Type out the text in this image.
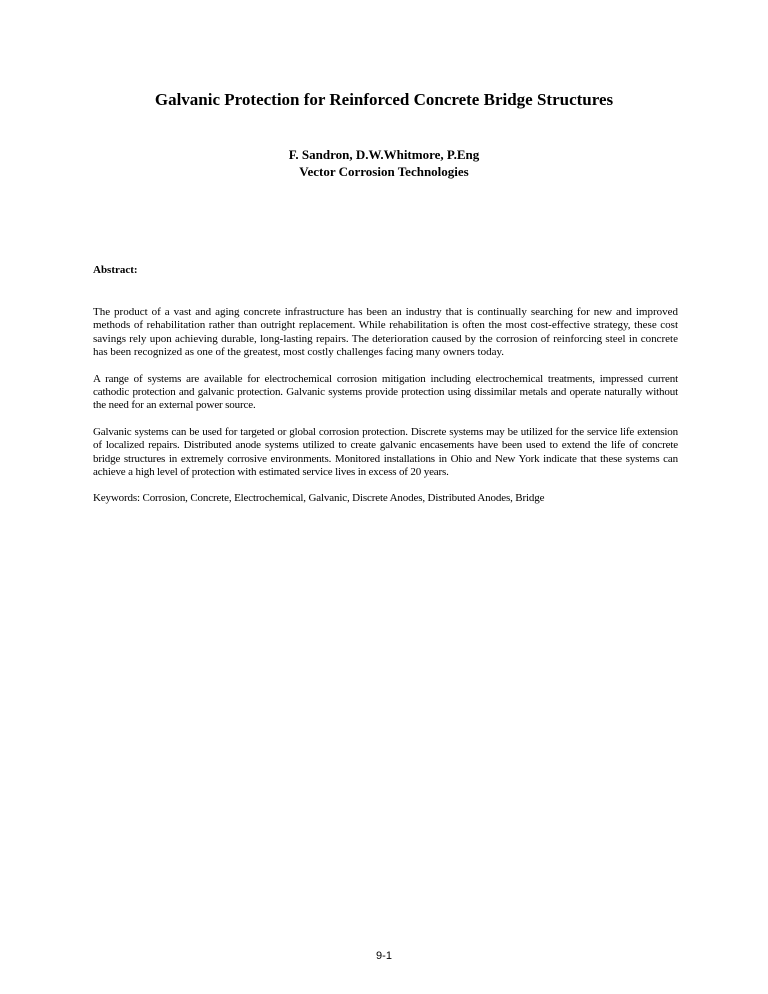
Galvanic Protection for Reinforced Concrete Bridge Structures
F. Sandron, D.W.Whitmore, P.Eng
Vector Corrosion Technologies
Abstract:

The product of a vast and aging concrete infrastructure has been an industry that is continually searching for new and improved methods of rehabilitation rather than outright replacement. While rehabilitation is often the most cost-effective strategy, these cost savings rely upon achieving durable, long-lasting repairs. The deterioration caused by the corrosion of reinforcing steel in concrete has been recognized as one of the greatest, most costly challenges facing many owners today.

A range of systems are available for electrochemical corrosion mitigation including electrochemical treatments, impressed current cathodic protection and galvanic protection. Galvanic systems provide protection using dissimilar metals and operate naturally without the need for an external power source.

Galvanic systems can be used for targeted or global corrosion protection. Discrete systems may be utilized for the service life extension of localized repairs. Distributed anode systems utilized to create galvanic encasements have been used to extend the life of concrete bridge structures in extremely corrosive environments. Monitored installations in Ohio and New York indicate that these systems can achieve a high level of protection with estimated service lives in excess of 20 years.

Keywords: Corrosion, Concrete, Electrochemical, Galvanic, Discrete Anodes, Distributed Anodes, Bridge

9-1
